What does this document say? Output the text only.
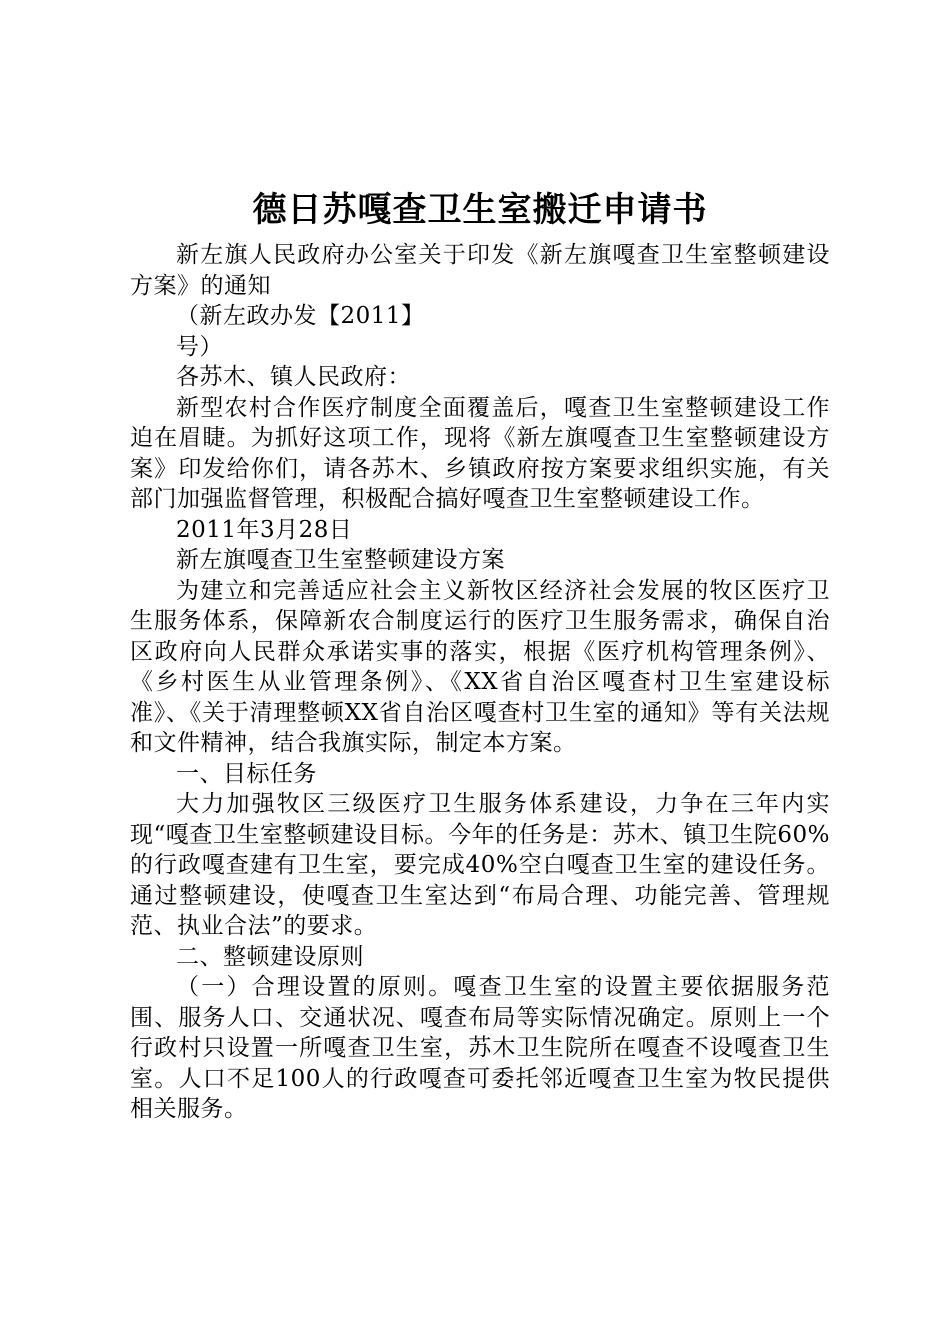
德日苏嘎查卫生室搬迁申请书

新左旗人民政府办公室关于印发《新左旗嘎查卫生室整顿建设方案》的通知

（新左政办发【2011】

号）

各苏木、镇人民政府：

新型农村合作医疗制度全面覆盖后，嘎查卫生室整顿建设工作迫在眉睫。为抓好这项工作，现将《新左旗嘎查卫生室整顿建设方案》印发给你们，请各苏木、乡镇政府按方案要求组织实施，有关部门加强监督管理，积极配合搞好嘎查卫生室整顿建设工作。

2011年3月28日

新左旗嘎查卫生室整顿建设方案

为建立和完善适应社会主义新牧区经济社会发展的牧区医疗卫生服务体系，保障新农合制度运行的医疗卫生服务需求，确保自治区政府向人民群众承诺实事的落实，根据《医疗机构管理条例》、《乡村医生从业管理条例》、《XX省自治区嘎查村卫生室建设标准》、《关于清理整顿XX省自治区嘎查村卫生室的通知》等有关法规和文件精神，结合我旗实际，制定本方案。

一、目标任务

大力加强牧区三级医疗卫生服务体系建设，力争在三年内实现“嘎查卫生室整顿建设目标。今年的任务是：苏木、镇卫生院60%的行政嘎查建有卫生室，要完成40%空白嘎查卫生室的建设任务。通过整顿建设，使嘎查卫生室达到“布局合理、功能完善、管理规范、执业合法”的要求。

二、整顿建设原则

（一）合理设置的原则。嘎查卫生室的设置主要依据服务范围、服务人口、交通状况、嘎查布局等实际情况确定。原则上一个行政村只设置一所嘎查卫生室，苏木卫生院所在嘎查不设嘎查卫生室。人口不足100人的行政嘎查可委托邻近嘎查卫生室为牧民提供相关服务。
